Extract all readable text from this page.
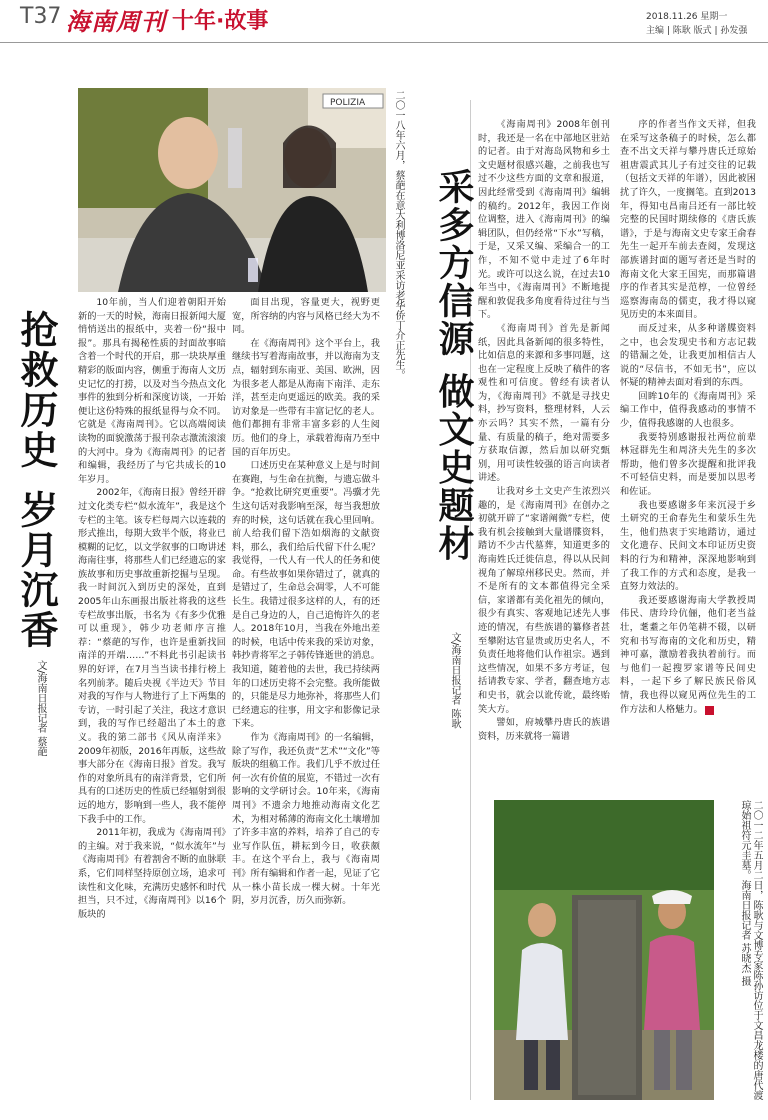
T37 海南周刊 十年·故事	2018.11.26 星期一
主编 | 陈耿 版式 | 孙发强
抢救历史
岁月沉香
文/海南日报记者 蔡葩
POLIZIA	二〇一八年六月，蔡葩在意大利博洛尼亚采访老华侨丁介正先生。

10年前，当人们迎着朝阳开始新的一天的时候，海南日报新闻大厦悄悄送出的报纸中，夹着一份“报中报”。那具有揭秘性质的封面故事暗含着一个时代的开启，那一块块厚重精彩的版面内容，侧重于海南人文历史记忆的打捞，以及对当今热点文化事件的独到分析和深度访谈，一开始便让这份特殊的报纸显得与众不同。它就是《海南周刊》。它以高端阅读读物的面貌激荡于报刊杂志激流滚滚的大河中。身为《海南周刊》的记者和编辑，我经历了与它共成长的10年岁月。

2002年，《海南日报》曾经开辟过文化类专栏“似水流年”，我是这个专栏的主笔。该专栏每周六以连载的形式推出，每期大致半个版，将业已模糊的记忆，以文学叙事的口吻讲述海南往事，将那些人们已经遗忘的家族故事和历史事故重新挖掘与呈现。我一时间沉入到历史的深处，直到2005年山东画报出版社将我的这些专栏故事出版，书名为《有多少优雅可以重现》，韩少功老师序言推荐：“蔡葩的写作，也许是重新找回南洋的开端……”不料此书引起读书界的好评，在7月当当读书排行榜上名列前茅。随后央视《半边天》节目对我的写作与人物进行了上下两集的专访，一时引起了关注，我这才意识到，我的写作已经超出了本土的意义。我的第二部书《风从南洋来》2009年初版，2016年再版，这些故事大部分在《海南日报》首发。我写作的对象所具有的南洋背景，它们所具有的口述历史的性质已经辐射到很远的地方，影响到一些人，我不能停下我手中的工作。

2011年初，我成为《海南周刊》的主编。对于我来说，“似水流年”与《海南周刊》有着割舍不断的血脉联系，它们同样坚持原创立场，追求可读性和文化味，充满历史感怀和时代担当，只不过，《海南周刊》以16个版块的

面目出现，容量更大，视野更宽，所容纳的内容与风格已经大为不同。

在《海南周刊》这个平台上，我继续书写着海南故事，并以海南为支点，辐射到东南亚、美国、欧洲，因为很多老人都是从海南下南洋、走东洋，甚至走向更遥远的欧美。我的采访对象是一些带有丰富记忆的老人。他们都拥有非常丰富多彩的人生阅历。他们的身上，承载着海南乃至中国的百年历史。

口述历史在某种意义上是与时间在赛跑，与生命在抗衡，与遗忘做斗争。“抢救比研究更重要”。冯骥才先生这句话对我影响至深，每当我想放弃的时候，这句话就在我心里回响。前人给我们留下浩如烟海的文献资料，那么，我们给后代留下什么呢？我觉得，一代人有一代人的任务和使命。有些故事如果你错过了，就真的是错过了，生命总会凋零，人不可能长生。我错过很多这样的人，有的还是自己身边的人，自己追悔许久的老人。2018年10月，当我在外地出差的时候，电话中传来我的采访对象，韩抄青将军之子韩传锋逝世的消息。我知道，随着他的去世，我已持续两年的口述历史将不会完整。我所能做的，只能是尽力地弥补，将那些人们已经遗忘的往事，用文字和影像记录下来。

作为《海南周刊》的一名编辑，除了写作，我还负责“艺术”“文化”等版块的组稿工作。我们几乎不放过任何一次有价值的展览，不错过一次有影响的文学研讨会。10年来，《海南周刊》不遗余力地推动海南文化艺术，为相对稀薄的海南文化土壤增加了许多丰富的养料，培养了自己的专业写作队伍，耕耘到今日，收获颇丰。在这个平台上，我与《海南周刊》所有编辑和作者一起，见证了它从一株小苗长成一棵大树。十年光阴，岁月沉香，历久而弥新。

采多方信源 做文史题材
文/海南日报记者 陈耿

《海南周刊》2008年创刊时，我还是一名在中部地区驻站的记者。由于对海岛风物和乡土文史题材很感兴趣，之前我也写过不少这些方面的文章和报道，因此经常受到《海南周刊》编辑的稿约。2012年，我因工作岗位调整，进入《海南周刊》的编辑团队，但仍经常“下水”写稿，于是，又采又编、采编合一的工作，不知不觉中走过了6年时光。或许可以这么说，在过去10年当中，《海南周刊》不断地提醒和敦促我多角度看待过往与当下。

《海南周刊》首先是新闻纸，因此具备新闻的很多特性，比如信息的来源和多事同题，这也在一定程度上反映了稿件的客观性和可信度。曾经有读者认为，《海南周刊》不就是寻找史料，抄写资料，整理材料，人云亦云吗？其实不然，一篇有分量、有质量的稿子，绝对需要多方获取信源，然后加以研究甄别，用可读性较强的语言向读者讲述。

让我对乡土文史产生浓烈兴趣的，是《海南周刊》在创办之初就开辟了“家谱阐微”专栏，使我有机会接触到大量谱牒资料，踏访不少古代墓葬，知道更多的海南姓氏迁徙信息，得以从民间视角了解琼州移民史。然而，并不是所有的文本都值得完全采信，家谱都有美化祖先的倾向，很少有真实、客观地记述先人事迹的情况，有些族谱的纂修者甚至攀附达官显贵或历史名人，不负责任地将他们认作祖宗。遇到这些情况，如果不多方考证，包括请教专家、学者，翻查地方志和史书，就会以讹传讹，最终贻笑大方。

譬如，府城攀丹唐氏的族谱资料，历来就将一篇谱

序的作者当作文天祥，但我在采写这条稿子的时候，怎么都查不出文天祥与攀丹唐氏迁琼始祖唐震武其儿子有过交往的记载（包括文天祥的年谱），因此被困扰了许久，一度搁笔。直到2013年，得知屯昌南吕还有一部比较完整的民国时期续修的《唐氏族谱》，于是与海南文史专家王俞春先生一起开车前去查阅，发现这部族谱封面的题写者还是当时的海南文化大家王国宪，而那篇谱序的作者其实是范椁，一位曾经巡察海南岛的儒吏，我才得以窥见历史的本来面目。

而反过来，从多种谱牒资料之中，也会发现史书和方志记载的错漏之处，让我更加相信古人说的“尽信书，不如无书”，应以怀疑的精神去面对看到的东西。

回眸10年的《海南周刊》采编工作中，值得我感动的事情不少，值得我感谢的人也很多。

我要特别感谢报社两位前辈林冠群先生和周济夫先生的多次帮助，他们曾多次提醒和批评我不可轻信史料，而是要加以思考和佐证。

我也要感谢多年来沉浸于乡土研究的王俞春先生和蒙乐生先生，他们热衷于实地踏访，通过文化遗存、民间文本印证历史资料的行为和精神，深深地影响到了我工作的方式和态度，是我一直努力效法的。

我还要感谢海南大学教授周伟民、唐玲玲伉俪，他们老当益壮，耄耋之年仍笔耕不辍，以研究和书写海南的文化和历史，精神可嘉，激励着我执着前行。而与他们一起搜罗家谱等民间史料，一起下乡了解民族民俗风情，我也得以窥见两位先生的工作方法和人格魅力。	終

二〇一二年五月二日，陈耿与文博专家陈孙访位于文昌龙楼的唐代渡琼始祖符元圭墓。海南日报记者 苏晓杰 摄
